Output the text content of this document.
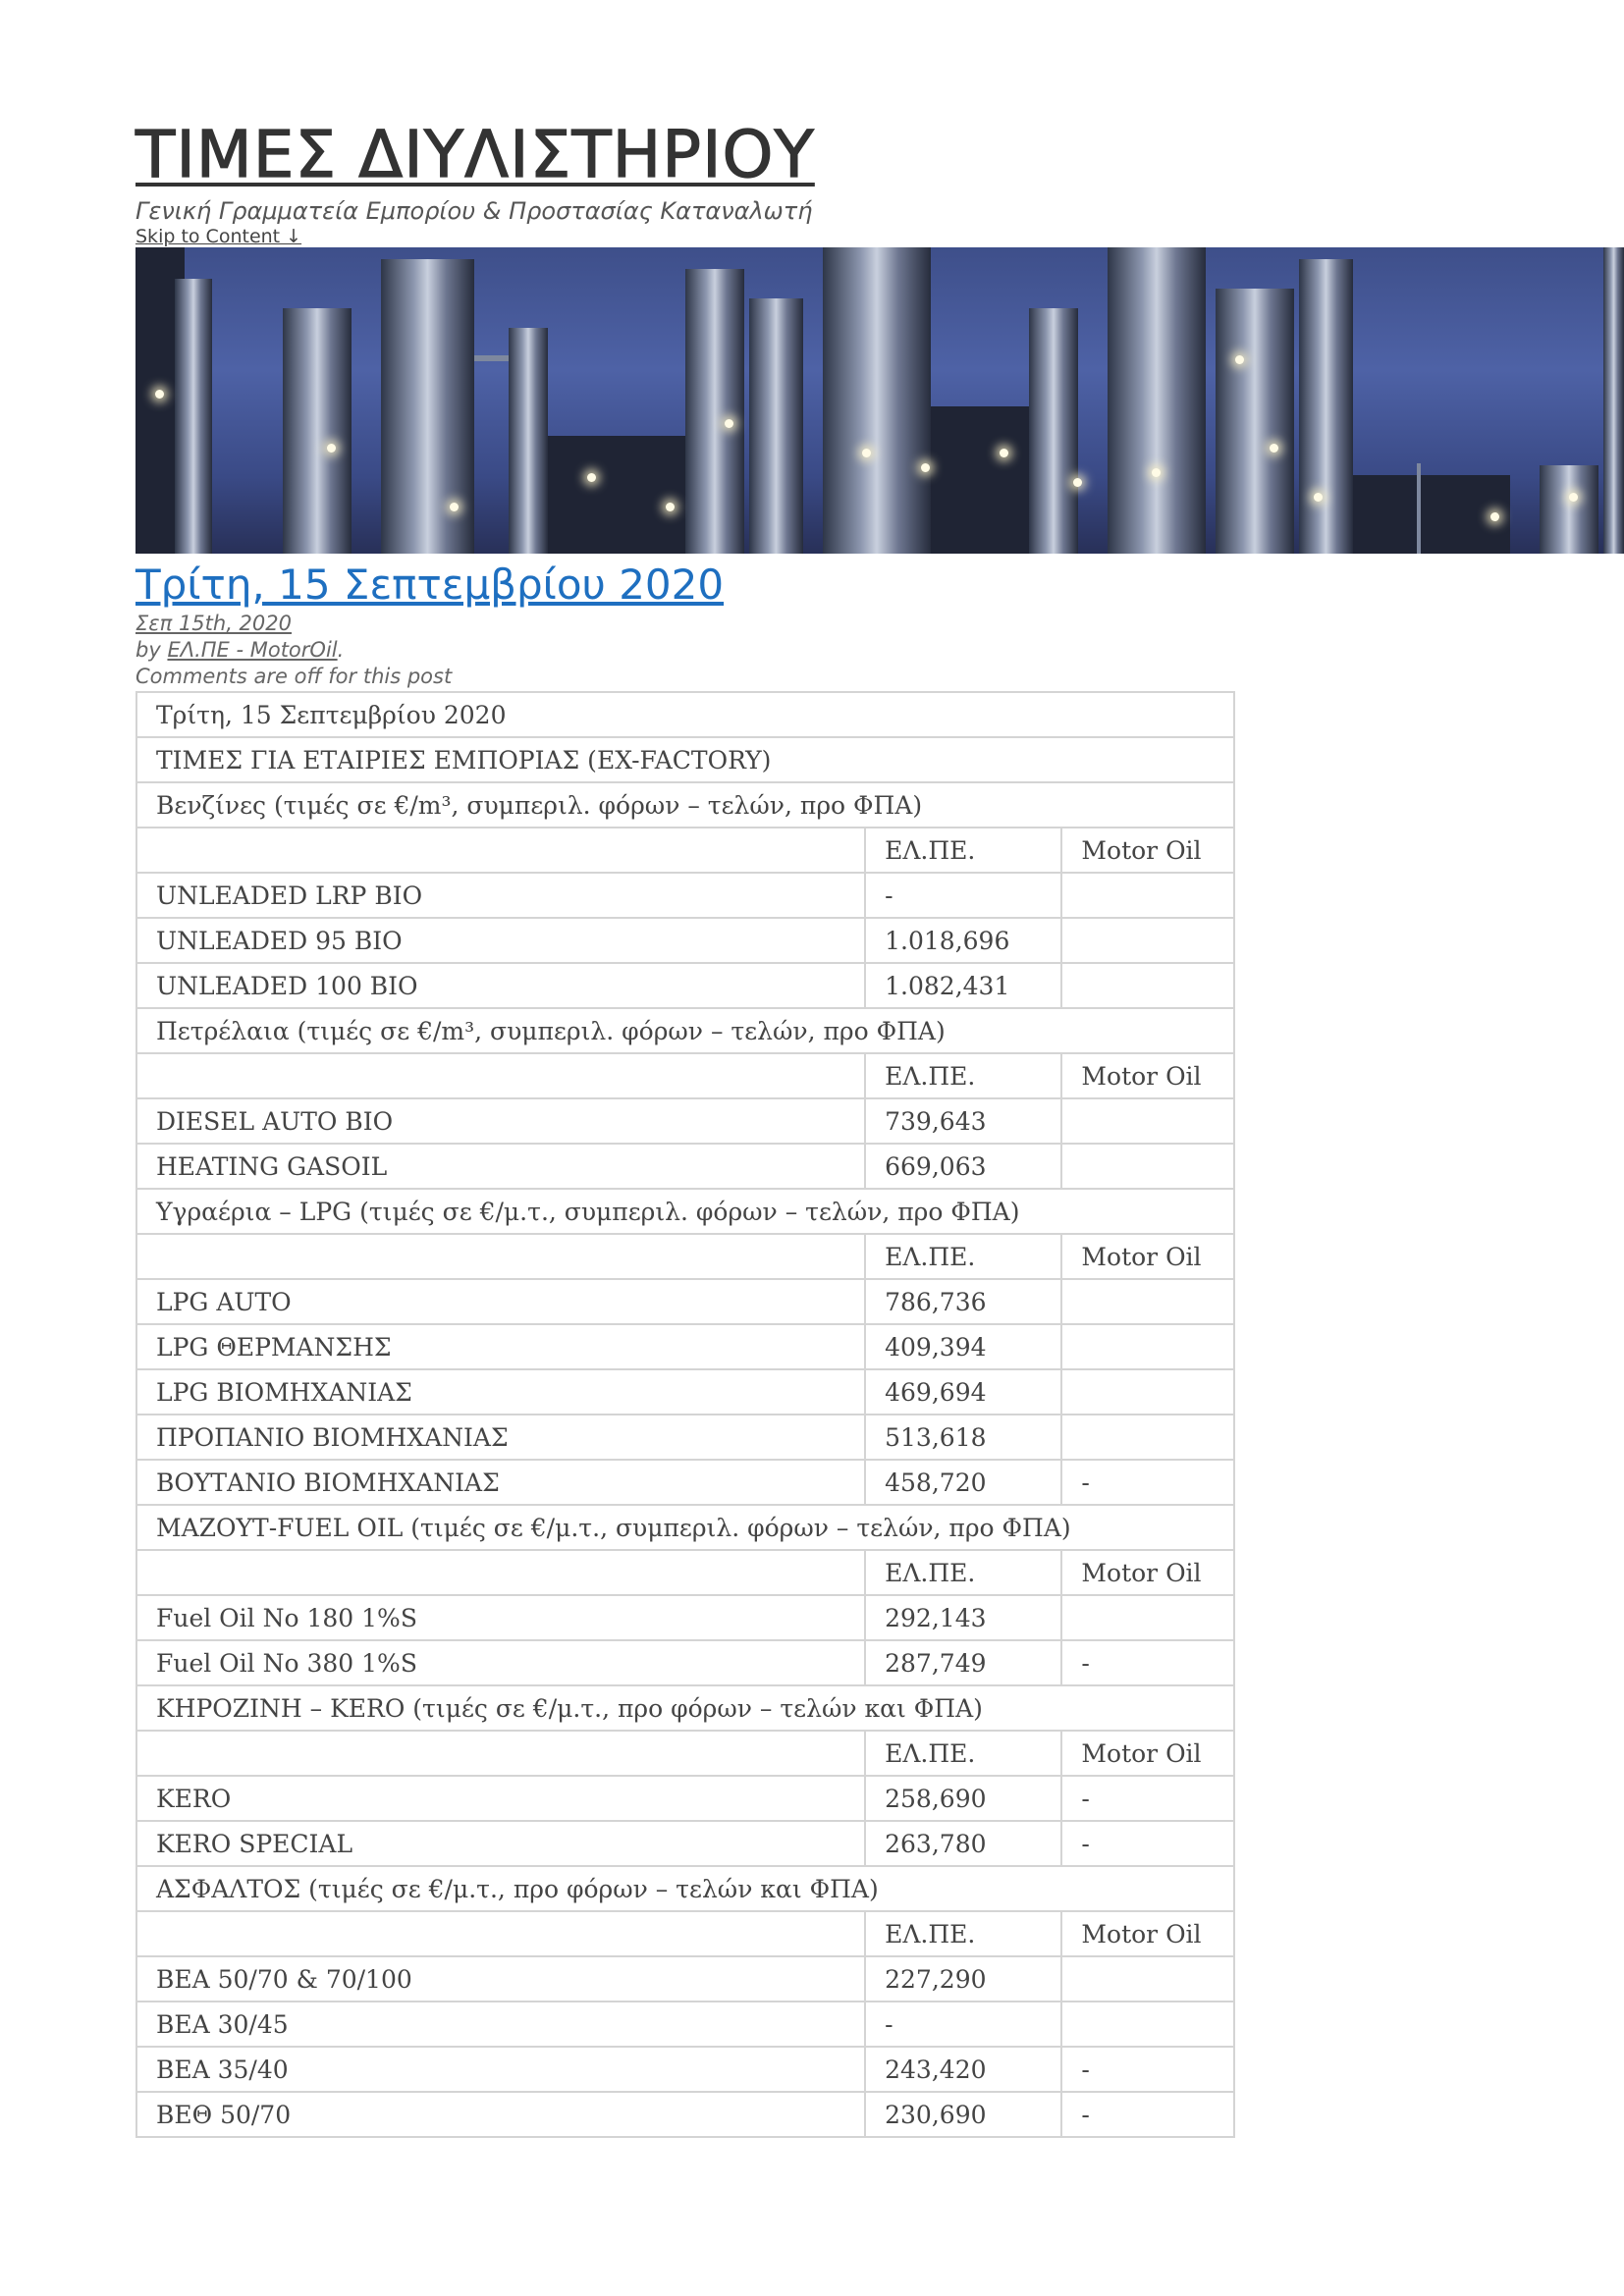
ΤΙΜΕΣ ΔΙΥΛΙΣΤΗΡΙΟΥ
Γενική Γραμματεία Εμπορίου & Προστασίας Καταναλωτή
Skip to Content ↓
Τρίτη, 15 Σεπτεμβρίου 2020
Σεπ 15th, 2020
by ΕΛ.ΠΕ - MotorOil.
Comments are off for this post
Τρίτη, 15 Σεπτεμβρίου 2020		
ΤΙΜΕΣ ΓΙΑ ΕΤΑΙΡΙΕΣ ΕΜΠΟΡΙΑΣ (EX-FACTORY)		
Βενζίνες (τιμές σε €/m³, συμπεριλ. φόρων – τελών, προ ΦΠΑ)		
	ΕΛ.ΠΕ.	Motor Oil
UNLEADED LRP BIO	-	
UNLEADED 95 BIO	1.018,696	
UNLEADED 100 BIO	1.082,431	
Πετρέλαια (τιμές σε €/m³, συμπεριλ. φόρων – τελών, προ ΦΠΑ)		
	ΕΛ.ΠΕ.	Motor Oil
DIESEL AUTO BIO	739,643	
HEATING GASOIL	669,063	
Υγραέρια – LPG (τιμές σε €/μ.τ., συμπεριλ. φόρων – τελών, προ ΦΠΑ)		
	ΕΛ.ΠΕ.	Motor Oil
LPG AUTO	786,736	
LPG ΘΕΡΜΑΝΣΗΣ	409,394	
LPG ΒΙΟΜΗΧΑΝΙΑΣ	469,694	
ΠΡΟΠΑΝΙΟ ΒΙΟΜΗΧΑΝΙΑΣ	513,618	
ΒΟΥΤΑΝΙΟ ΒΙΟΜΗΧΑΝΙΑΣ	458,720	-
ΜΑΖΟΥΤ-FUEL OIL (τιμές σε €/μ.τ., συμπεριλ. φόρων – τελών, προ ΦΠΑ)		
	ΕΛ.ΠΕ.	Motor Oil
Fuel Oil No 180 1%S	292,143	
Fuel Oil No 380 1%S	287,749	-
ΚΗΡΟΖΙΝΗ – KERO (τιμές σε €/μ.τ., προ φόρων – τελών και ΦΠΑ)		
	ΕΛ.ΠΕ.	Motor Oil
KERO	258,690	-
KERO SPECIAL	263,780	-
ΑΣΦΑΛΤΟΣ (τιμές σε €/μ.τ., προ φόρων – τελών και ΦΠΑ)		
	ΕΛ.ΠΕ.	Motor Oil
ΒΕΑ 50/70 & 70/100	227,290	
ΒΕΑ 30/45	-	
ΒΕΑ 35/40	243,420	-
ΒΕΘ 50/70	230,690	-
